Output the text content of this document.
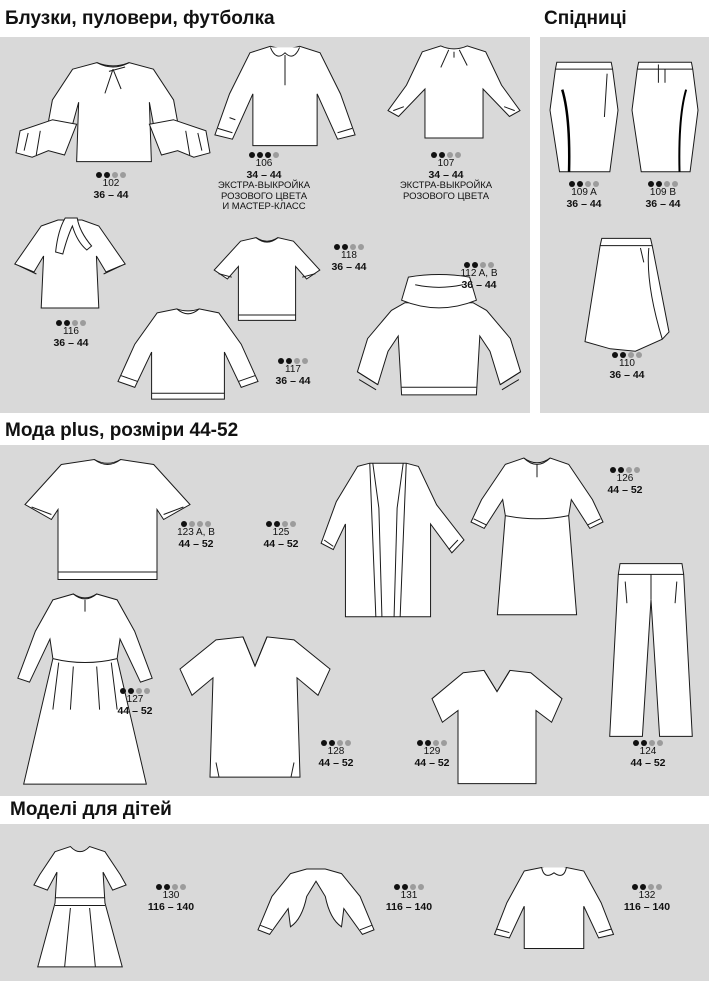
Блузки, пуловери, футболка	Спідниці
Мода plus, розміри 44-52
Моделі для дітей
102
36 – 44
106
34 – 44
ЭКСТРА-ВЫКРОЙКА
РОЗОВОГО ЦВЕТА
И МАСТЕР-КЛАСС
107
34 – 44
ЭКСТРА-ВЫКРОЙКА
РОЗОВОГО ЦВЕТА
116
36 – 44
118
36 – 44
112 A, B
36 – 44
117
36 – 44
109 A
36 – 44
109 B
36 – 44
110
36 – 44
123 A, B
44 – 52
125
44 – 52
126
44 – 52
124
44 – 52
127
44 – 52
128
44 – 52
129
44 – 52
130
116 – 140
131
116 – 140
132
116 – 140
